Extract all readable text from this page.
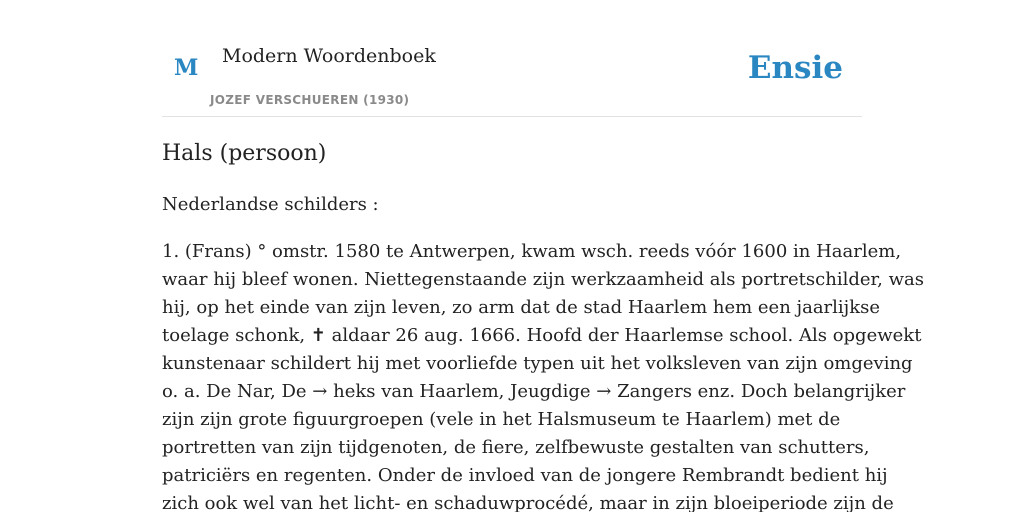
M Modern Woordenboek
JOZEF VERSCHUEREN (1930)
Ensie
Hals (persoon)

Nederlandse schilders :

1. (Frans) ° omstr. 1580 te Antwerpen, kwam wsch. reeds vóór 1600 in Haarlem,
waar hij bleef wonen. Niettegenstaande zijn werkzaamheid als portretschilder, was
hij, op het einde van zijn leven, zo arm dat de stad Haarlem hem een jaarlijkse
toelage schonk, ✝ aldaar 26 aug. 1666. Hoofd der Haarlemse school. Als opgewekt
kunstenaar schildert hij met voorliefde typen uit het volksleven van zijn omgeving
o. a. De Nar, De → heks van Haarlem, Jeugdige → Zangers enz. Doch belangrijker
zijn zijn grote figuurgroepen (vele in het Halsmuseum te Haarlem) met de
portretten van zijn tijdgenoten, de fiere, zelfbewuste gestalten van schutters,
patriciërs en regenten. Onder de invloed van de jongere Rembrandt bedient hij
zich ook wel van het licht- en schaduwprocédé, maar in zijn bloeiperiode zijn de
